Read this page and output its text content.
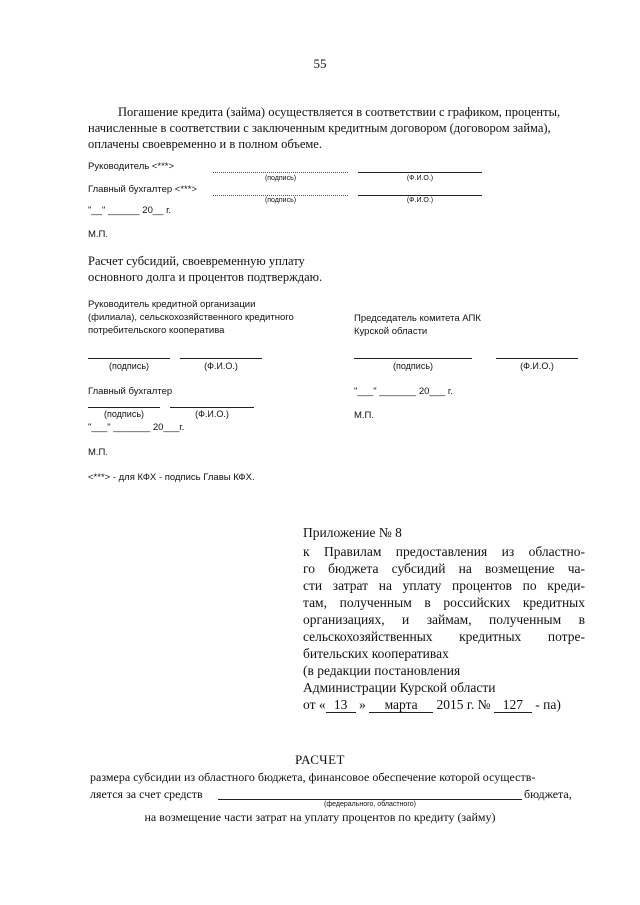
55

Погашение кредита (займа) осуществляется в соответствии с графиком, проценты,

начисленные в соответствии с заключенным кредитным договором (договором займа),

оплачены своевременно и в полном объеме.

Руководитель <***>
(подпись)	(Ф.И.О.)
Главный бухгалтер <***>
(подпись)	(Ф.И.О.)
"__" ______ 20__ г.
М.П.

Расчет субсидий, своевременную уплату

основного долга и процентов подтверждаю.

Руководитель кредитной организации
(филиала), сельскохозяйственного кредитного
потребительского кооператива
(подпись)	(Ф.И.О.)
Главный бухгалтер
(подпись)	(Ф.И.О.)
"___" _______ 20___г.
М.П.
Председатель комитета АПК
Курской области
(подпись)	(Ф.И.О.)
"___" _______ 20___ г.
М.П.
<***> - для КФХ - подпись Главы КФХ.
Приложение № 8
к Правилам предоставления из областно-
го бюджета субсидий на возмещение ча-
сти затрат на уплату процентов по креди-
там, полученным в российских кредитных
организациях, и займам, полученным в
сельскохозяйственных кредитных потре-
бительских кооперативах
(в редакции постановления
Администрации Курской области
от « 13 » марта 2015 г. № 127 - па)
РАСЧЕТ
размера субсидии из областного бюджета, финансовое обеспечение которой осуществ-
ляется за счет средств	бюджета,
(федерального, областного)
на возмещение части затрат на уплату процентов по кредиту (займу)
